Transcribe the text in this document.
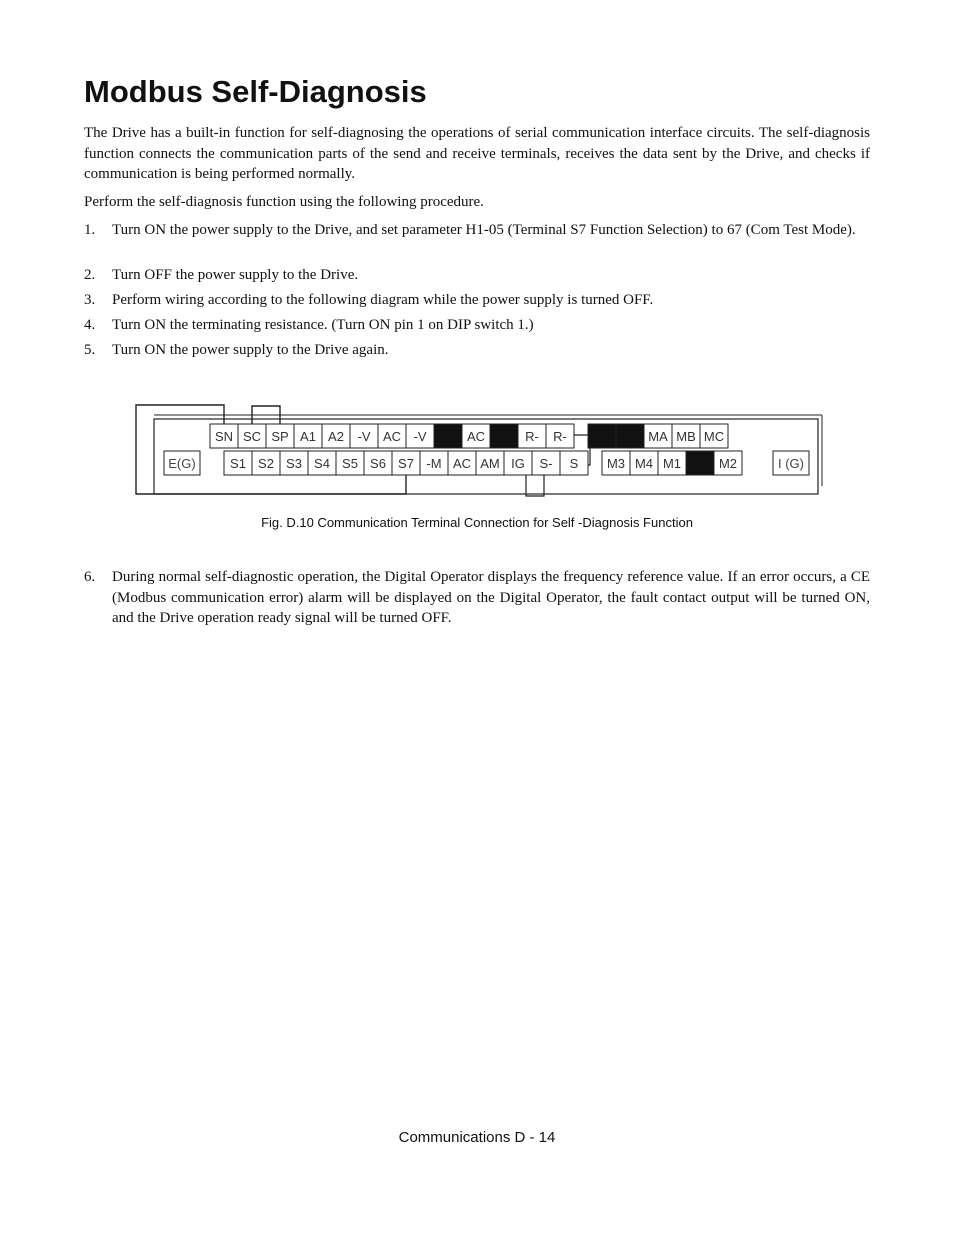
Modbus Self-Diagnosis

The Drive has a built-in function for self-diagnosing the operations of serial communication interface circuits. The self-diagnosis function connects the communication parts of the send and receive terminals, receives the data sent by the Drive, and checks if communication is being performed normally.

Perform the self-diagnosis function using the following procedure.

1. Turn ON the power supply to the Drive, and set parameter H1-05 (Terminal S7 Function Selection) to 67 (Com Test Mode).
2. Turn OFF the power supply to the Drive.
3. Perform wiring according to the following diagram while the power supply is turned OFF.
4. Turn ON the terminating resistance. (Turn ON pin 1 on DIP switch 1.)
5. Turn ON the power supply to the Drive again.
SN SC SP A1 A2 -V AC -V	AC	R- R-	MA MB MC
S1 S2 S3 S4 S5 S6 S7 -M AC AM IG S- S M3 M4 M1	M2
E(G)	I (G)
Fig. D.10 Communication Terminal Connection for Self -Diagnosis Function
6. During normal self-diagnostic operation, the Digital Operator displays the frequency reference value. If an error occurs, a CE (Modbus communication error) alarm will be displayed on the Digital Operator, the fault contact output will be turned ON, and the Drive operation ready signal will be turned OFF.
Communications D - 14
